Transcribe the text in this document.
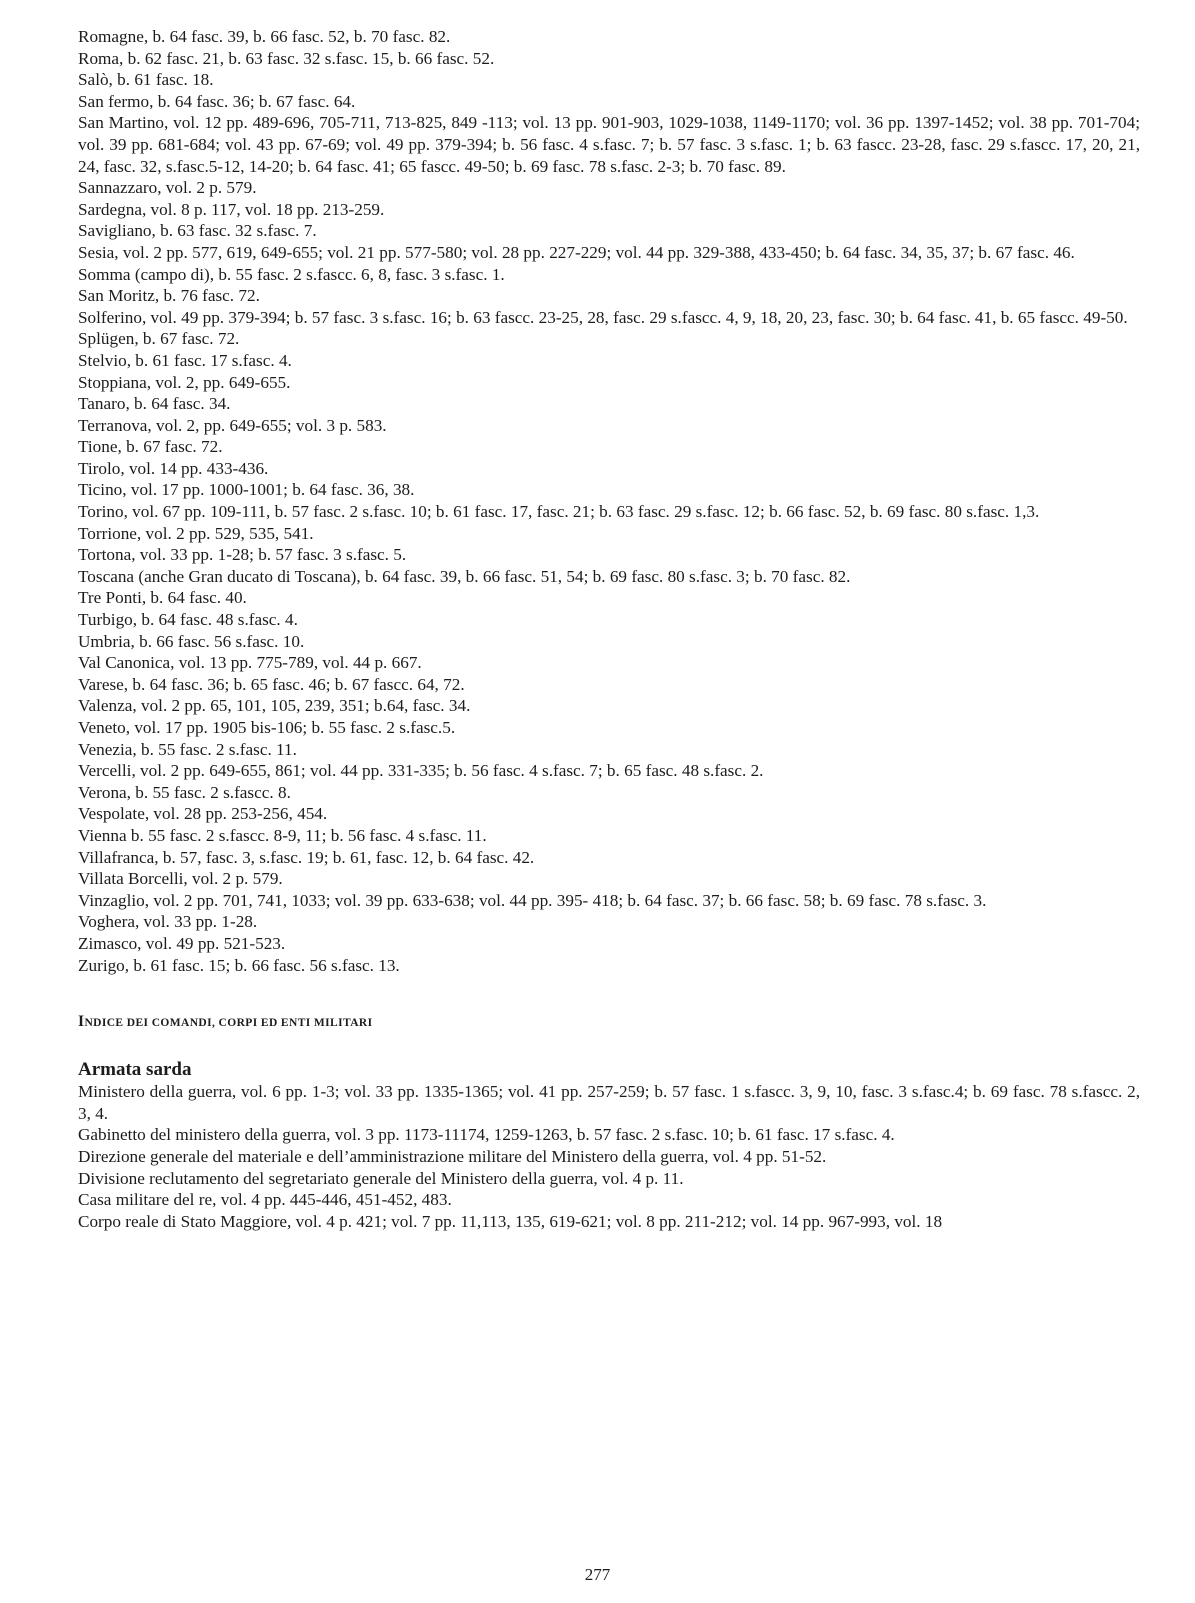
Romagne, b. 64 fasc. 39, b. 66 fasc. 52, b. 70 fasc. 82.

Roma, b. 62 fasc. 21, b. 63 fasc. 32 s.fasc. 15, b. 66 fasc. 52.

Salò, b. 61 fasc. 18.

San fermo, b. 64 fasc. 36; b. 67 fasc. 64.

San Martino, vol. 12 pp. 489-696, 705-711, 713-825, 849 -113; vol. 13 pp. 901-903, 1029-1038, 1149-1170; vol. 36 pp. 1397-1452; vol. 38 pp. 701-704; vol. 39 pp. 681-684; vol. 43 pp. 67-69; vol. 49 pp. 379-394; b. 56 fasc. 4 s.fasc. 7; b. 57 fasc. 3 s.fasc. 1; b. 63 fascc. 23-28, fasc. 29 s.fascc. 17, 20, 21, 24, fasc. 32, s.fasc.5-12, 14-20; b. 64 fasc. 41; 65 fascc. 49-50; b. 69 fasc. 78 s.fasc. 2-3; b. 70 fasc. 89.

Sannazzaro, vol. 2 p. 579.

Sardegna, vol. 8 p. 117, vol. 18 pp. 213-259.

Savigliano, b. 63 fasc. 32 s.fasc. 7.

Sesia, vol. 2 pp. 577, 619, 649-655; vol. 21 pp. 577-580; vol. 28 pp. 227-229; vol. 44 pp. 329-388, 433-450; b. 64 fasc. 34, 35, 37; b. 67 fasc. 46.

Somma (campo di), b. 55 fasc. 2 s.fascc. 6, 8, fasc. 3 s.fasc. 1.

San Moritz, b. 76 fasc. 72.

Solferino, vol. 49 pp. 379-394; b. 57 fasc. 3 s.fasc. 16; b. 63 fascc. 23-25, 28, fasc. 29 s.fascc. 4, 9, 18, 20, 23, fasc. 30; b. 64 fasc. 41, b. 65 fascc. 49-50.

Splügen, b. 67 fasc. 72.

Stelvio, b. 61 fasc. 17 s.fasc. 4.

Stoppiana, vol. 2, pp. 649-655.

Tanaro, b. 64 fasc. 34.

Terranova, vol. 2, pp. 649-655; vol. 3 p. 583.

Tione, b. 67 fasc. 72.

Tirolo, vol. 14 pp. 433-436.

Ticino, vol. 17 pp. 1000-1001; b. 64 fasc. 36, 38.

Torino, vol. 67 pp. 109-111, b. 57 fasc. 2 s.fasc. 10; b. 61 fasc. 17, fasc. 21; b. 63 fasc. 29 s.fasc. 12; b. 66 fasc. 52, b. 69 fasc. 80 s.fasc. 1,3.

Torrione, vol. 2 pp. 529, 535, 541.

Tortona, vol. 33 pp. 1-28; b. 57 fasc. 3 s.fasc. 5.

Toscana (anche Gran ducato di Toscana), b. 64 fasc. 39, b. 66 fasc. 51, 54; b. 69 fasc. 80 s.fasc. 3; b. 70 fasc. 82.

Tre Ponti, b. 64 fasc. 40.

Turbigo, b. 64 fasc. 48 s.fasc. 4.

Umbria, b. 66 fasc. 56 s.fasc. 10.

Val Canonica, vol. 13 pp. 775-789, vol. 44 p. 667.

Varese, b. 64 fasc. 36; b. 65 fasc. 46; b. 67 fascc. 64, 72.

Valenza, vol. 2 pp. 65, 101, 105, 239, 351; b.64, fasc. 34.

Veneto, vol. 17 pp. 1905 bis-106; b. 55 fasc. 2 s.fasc.5.

Venezia, b. 55 fasc. 2 s.fasc. 11.

Vercelli, vol. 2 pp. 649-655, 861; vol. 44 pp. 331-335; b. 56 fasc. 4 s.fasc. 7; b. 65 fasc. 48 s.fasc. 2.

Verona, b. 55 fasc. 2 s.fascc. 8.

Vespolate, vol. 28 pp. 253-256, 454.

Vienna b. 55 fasc. 2 s.fascc. 8-9, 11; b. 56 fasc. 4 s.fasc. 11.

Villafranca, b. 57, fasc. 3, s.fasc. 19; b. 61, fasc. 12, b. 64 fasc. 42.

Villata Borcelli, vol. 2 p. 579.

Vinzaglio, vol. 2 pp. 701, 741, 1033; vol. 39 pp. 633-638; vol. 44 pp. 395- 418; b. 64 fasc. 37; b. 66 fasc. 58; b. 69 fasc. 78 s.fasc. 3.

Voghera, vol. 33 pp. 1-28.

Zimasco, vol. 49 pp. 521-523.

Zurigo, b. 61 fasc. 15; b. 66 fasc. 56 s.fasc. 13.

INDICE DEI COMANDI, CORPI ED ENTI MILITARI
Armata sarda

Ministero della guerra, vol. 6 pp. 1-3; vol. 33 pp. 1335-1365; vol. 41 pp. 257-259; b. 57 fasc. 1 s.fascc. 3, 9, 10, fasc. 3 s.fasc.4; b. 69 fasc. 78 s.fascc. 2, 3, 4.

Gabinetto del ministero della guerra, vol. 3 pp. 1173-11174, 1259-1263, b. 57 fasc. 2 s.fasc. 10; b. 61 fasc. 17 s.fasc. 4.

Direzione generale del materiale e dell’amministrazione militare del Ministero della guerra, vol. 4 pp. 51-52.

Divisione reclutamento del segretariato generale del Ministero della guerra, vol. 4 p. 11.

Casa militare del re, vol. 4 pp. 445-446, 451-452, 483.

Corpo reale di Stato Maggiore, vol. 4 p. 421; vol. 7 pp. 11,113, 135, 619-621; vol. 8 pp. 211-212; vol. 14 pp. 967-993, vol. 18

277
